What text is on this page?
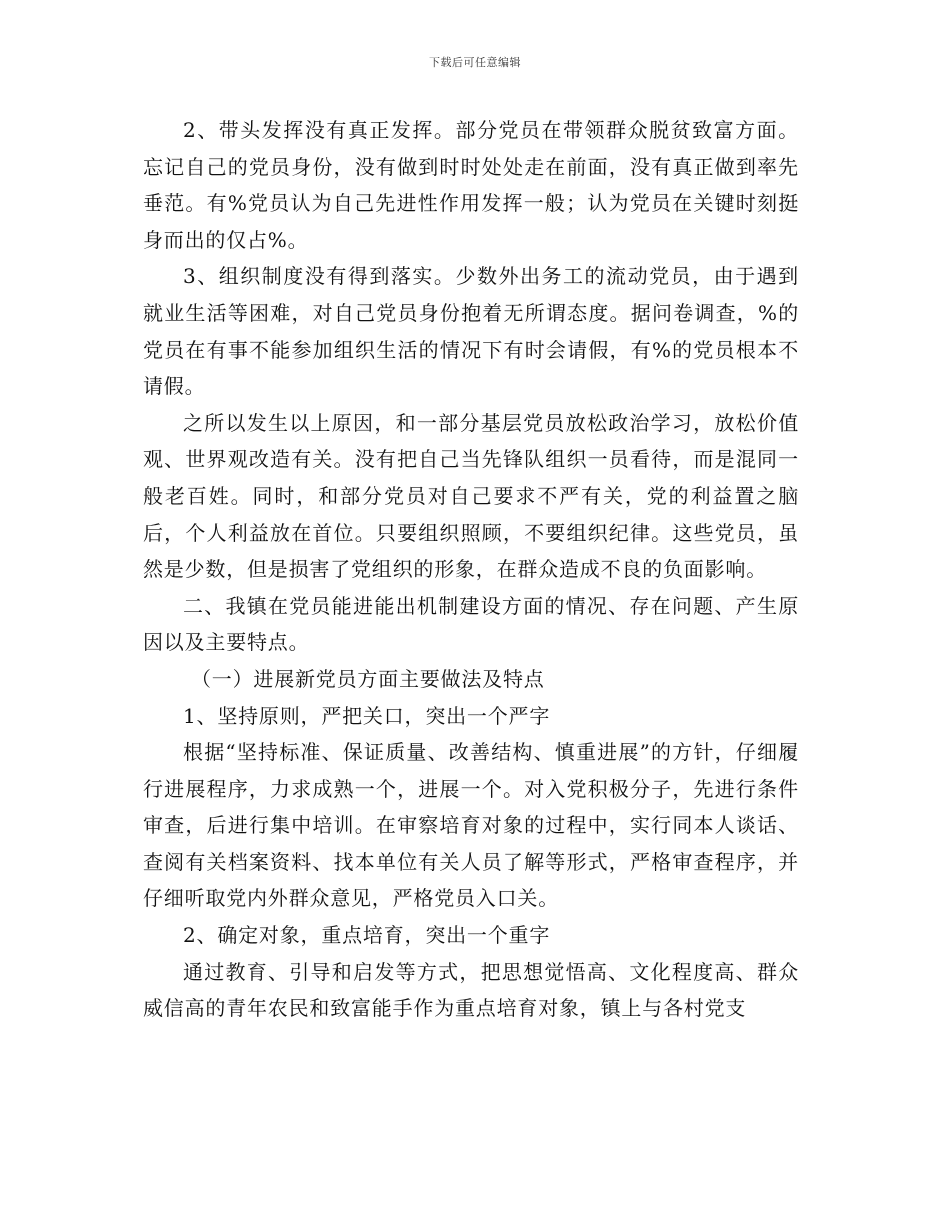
下载后可任意编辑

2、带头发挥没有真正发挥。部分党员在带领群众脱贫致富方面。忘记自己的党员身份，没有做到时时处处走在前面，没有真正做到率先垂范。有%党员认为自己先进性作用发挥一般；认为党员在关键时刻挺身而出的仅占%。

3、组织制度没有得到落实。少数外出务工的流动党员，由于遇到就业生活等困难，对自己党员身份抱着无所谓态度。据问卷调查，%的党员在有事不能参加组织生活的情况下有时会请假，有%的党员根本不请假。

之所以发生以上原因，和一部分基层党员放松政治学习，放松价值观、世界观改造有关。没有把自己当先锋队组织一员看待，而是混同一般老百姓。同时，和部分党员对自己要求不严有关，党的利益置之脑后，个人利益放在首位。只要组织照顾，不要组织纪律。这些党员，虽然是少数，但是损害了党组织的形象，在群众造成不良的负面影响。

二、我镇在党员能进能出机制建设方面的情况、存在问题、产生原因以及主要特点。

（一）进展新党员方面主要做法及特点

1、坚持原则，严把关口，突出一个严字

根据“坚持标准、保证质量、改善结构、慎重进展”的方针，仔细履行进展程序，力求成熟一个，进展一个。对入党积极分子，先进行条件审查，后进行集中培训。在审察培育对象的过程中，实行同本人谈话、查阅有关档案资料、找本单位有关人员了解等形式，严格审查程序，并仔细听取党内外群众意见，严格党员入口关。

2、确定对象，重点培育，突出一个重字

通过教育、引导和启发等方式，把思想觉悟高、文化程度高、群众威信高的青年农民和致富能手作为重点培育对象，镇上与各村党支
